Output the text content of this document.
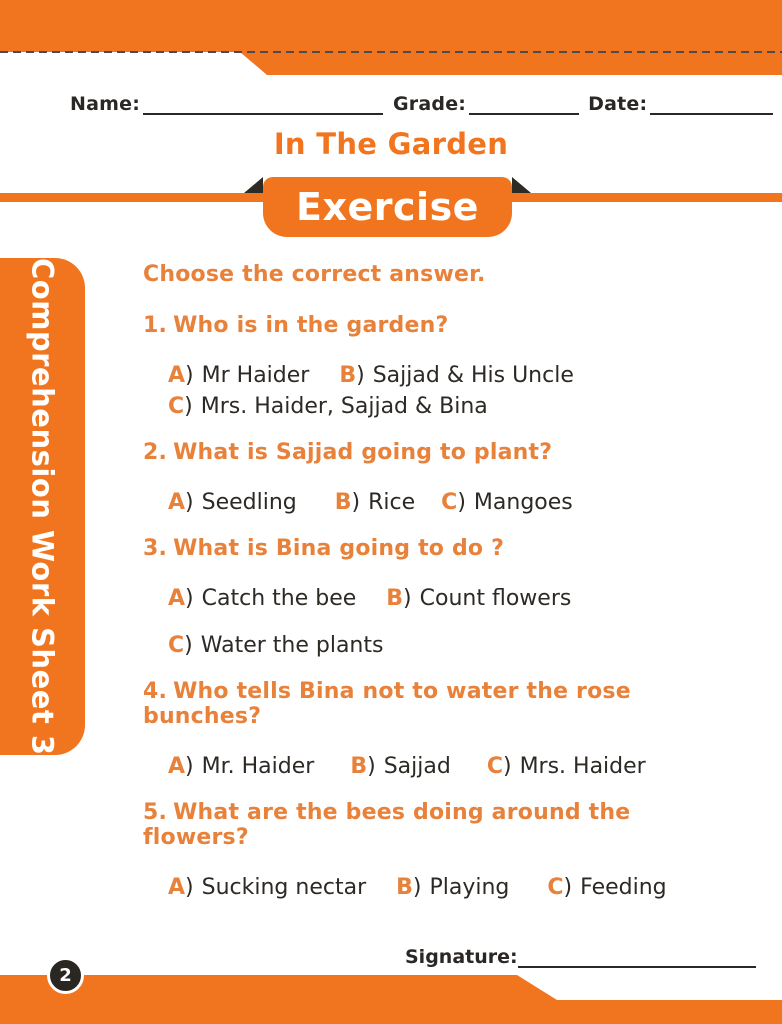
Name:	Grade:	Date:
In The Garden
Exercise
Comprehension Work Sheet 3	Choose the correct answer.
1. Who is in the garden?
A) Mr Haider B) Sajjad & His Uncle
C) Mrs. Haider, Sajjad & Bina
2. What is Sajjad going to plant?
A) Seedling B) Rice C) Mangoes
3. What is Bina going to do ?
A) Catch the bee B) Count flowers
C) Water the plants
4. Who tells Bina not to water the rose bunches?
A) Mr. Haider B) Sajjad C) Mrs. Haider
5. What are the bees doing around the flowers?
A) Sucking nectar B) Playing C) Feeding
Signature:
2
